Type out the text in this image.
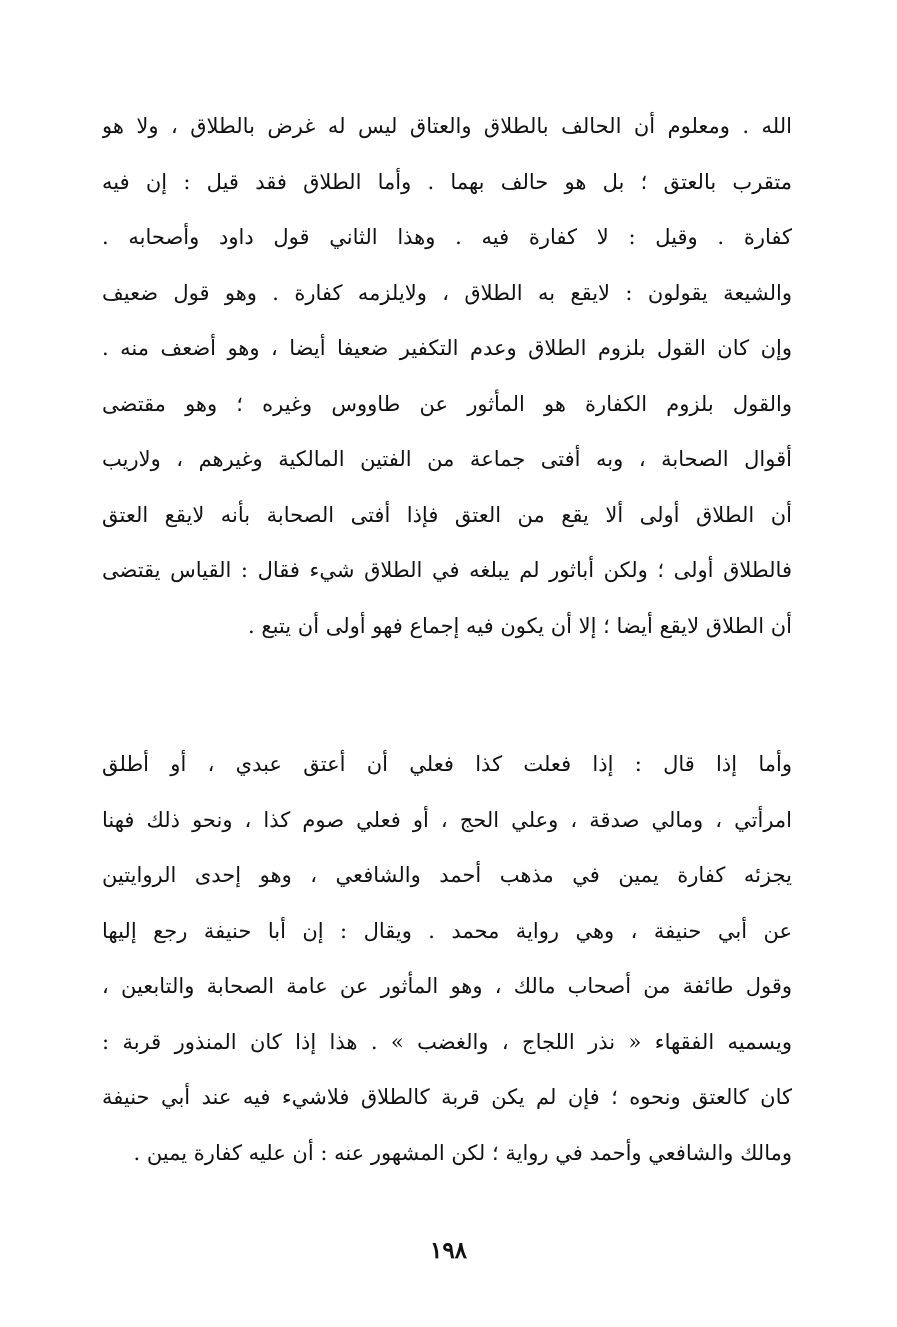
الله . ومعلوم أن الحالف بالطلاق والعتاق ليس له غرض بالطلاق ، ولا هو
متقرب بالعتق ؛ بل هو حالف بهما . وأما الطلاق فقد قيل : إن فيه
كفارة . وقيل : لا كفارة فيه . وهذا الثاني قول داود وأصحابه .
والشيعة يقولون : لايقع به الطلاق ، ولايلزمه كفارة . وهو قول ضعيف
وإن كان القول بلزوم الطلاق وعدم التكفير ضعيفا أيضا ، وهو أضعف منه .
والقول بلزوم الكفارة هو المأثور عن طاووس وغيره ؛ وهو مقتضى
أقوال الصحابة ، وبه أفتى جماعة من الفتين المالكية وغيرهم ، ولاريب
أن الطلاق أولى ألا يقع من العتق فإذا أفتى الصحابة بأنه لايقع العتق
فالطلاق أولى ؛ ولكن أباثور لم يبلغه في الطلاق شيء فقال : القياس يقتضى
أن الطلاق لايقع أيضا ؛ إلا أن يكون فيه إجماع فهو أولى أن يتبع .
وأما إذا قال : إذا فعلت كذا فعلي أن أعتق عبدي ، أو أطلق
امرأتي ، ومالي صدقة ، وعلي الحج ، أو فعلي صوم كذا ، ونحو ذلك فهنا
يجزئه كفارة يمين في مذهب أحمد والشافعي ، وهو إحدى الروايتين
عن أبي حنيفة ، وهي رواية محمد . ويقال : إن أبا حنيفة رجع إليها
وقول طائفة من أصحاب مالك ، وهو المأثور عن عامة الصحابة والتابعين ،
ويسميه الفقهاء « نذر اللجاج ، والغضب » . هذا إذا كان المنذور قربة :
كان كالعتق ونحوه ؛ فإن لم يكن قربة كالطلاق فلاشيء فيه عند أبي حنيفة
ومالك والشافعي وأحمد في رواية ؛ لكن المشهور عنه : أن عليه كفارة يمين .
١٩٨
